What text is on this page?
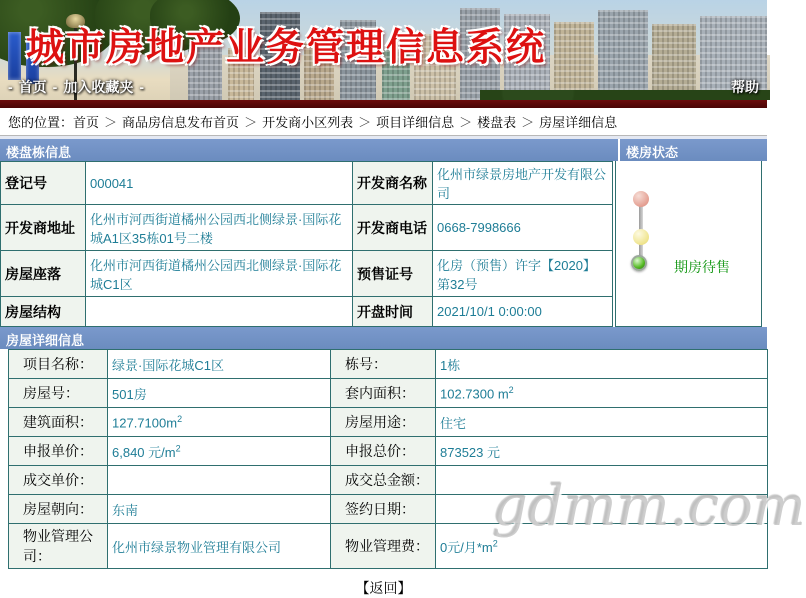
城市房地产业务管理信息系统
- 首页 - 加入收藏夹 -	帮助
您的位置： 首页 ＞ 商品房信息发布首页 ＞ 开发商小区列表 ＞ 项目详细信息 ＞ 楼盘表 ＞ 房屋详细信息
楼盘栋信息	楼房状态
登记号	000041	开发商名称	化州市绿景房地产开发有限公司
开发商地址	化州市河西街道橘州公园西北侧绿景·国际花城A1区35栋01号二楼	开发商电话	0668-7998666
房屋座落	化州市河西街道橘州公园西北侧绿景·国际花城C1区	预售证号	化房（预售）许字【2020】第32号
房屋结构		开盘时间	2021/10/1 0:00:00
期房待售
房屋详细信息
项目名称：	绿景·国际花城C1区	栋号：	1栋
房屋号：	501房	套内面积：	102.7300 $m^2$
建筑面积：	$127.7100m^2$	房屋用途：	住宅
申报单价：	6,840 元$/m^2$	申报总价：	873523 元
成交单价：		成交总金额：	
房屋朝向：	东南	签约日期：	
物业管理公司：	化州市绿景物业管理有限公司	物业管理费：	0元/月$*m^2$
【返回】
gdmm.com
